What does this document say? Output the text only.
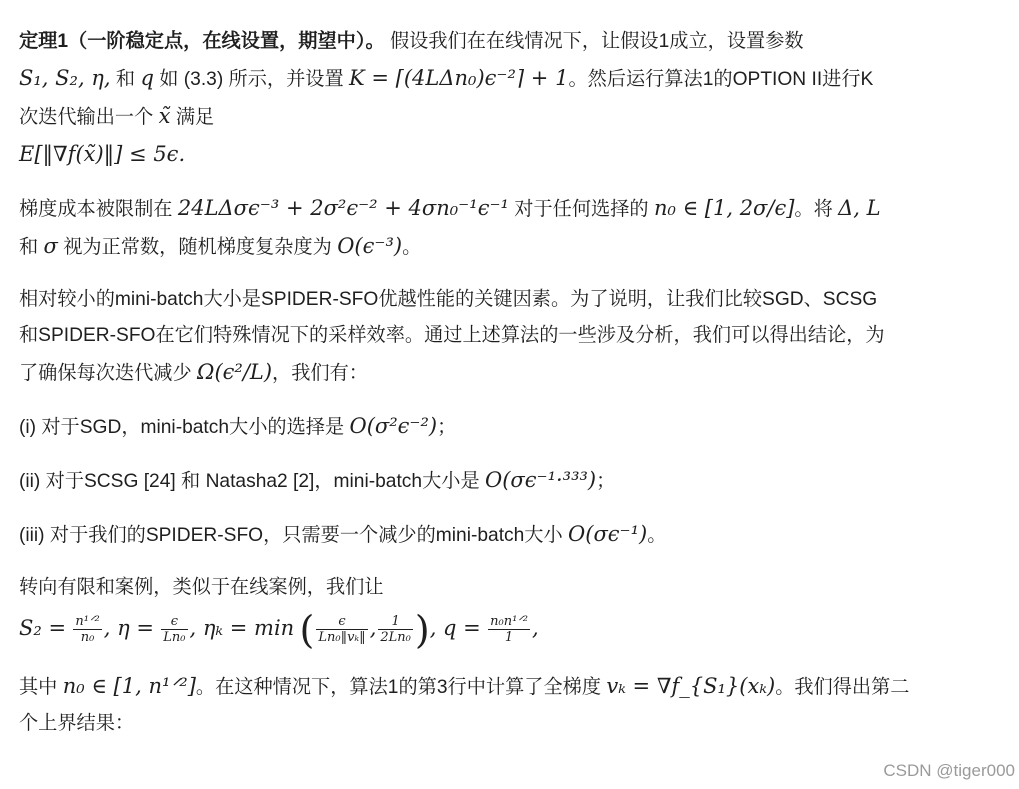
定理1（一阶稳定点，在线设置，期望中）。 假设我们在在线情况下，让假设1成立，设置参数
S₁, S₂, η, 和 q 如 (3.3) 所示，并设置 K = ⌈(4LΔn₀)ϵ⁻²⌉ + 1。然后运行算法1的OPTION II进行K
次迭代输出一个 x̃ 满足

E[‖∇f(x̃)‖] ≤ 5ϵ.

梯度成本被限制在 24LΔσϵ⁻³ + 2σ²ϵ⁻² + 4σn₀⁻¹ϵ⁻¹ 对于任何选择的 n₀ ∈ [1, 2σ/ϵ]。将 Δ, L
和 σ 视为正常数，随机梯度复杂度为 O(ϵ⁻³)。

相对较小的mini-batch大小是SPIDER-SFO优越性能的关键因素。为了说明，让我们比较SGD、SCSG
和SPIDER-SFO在它们特殊情况下的采样效率。通过上述算法的一些涉及分析，我们可以得出结论，为
了确保每次迭代减少 Ω(ϵ²/L)，我们有：

(i) 对于SGD，mini-batch大小的选择是 O(σ²ϵ⁻²)；

(ii) 对于SCSG [24] 和 Natasha2 [2]，mini-batch大小是 O(σϵ⁻¹·³³³)；

(iii) 对于我们的SPIDER-SFO，只需要一个减少的mini-batch大小 O(σϵ⁻¹)。

转向有限和案例，类似于在线案例，我们让

$S_2 = \frac{\text{n¹ᐟ²}}{\text{n₀}}$ , $\eta = \frac{\epsilon}{\text{Ln₀}}$ , ηₖ = min ( $\frac{\epsilon}{\text{Ln₀‖vₖ‖}}$ , $\frac{1}{\text{2Ln₀}}$ ), $q = \frac{\text{n₀n¹ᐟ²}}{1}$ ,

其中 n₀ ∈ [1, n¹ᐟ²]。在这种情况下，算法1的第3行中计算了全梯度 vₖ = ∇f_{S₁}(xₖ)。我们得出第二
个上界结果：

CSDN @tiger000
